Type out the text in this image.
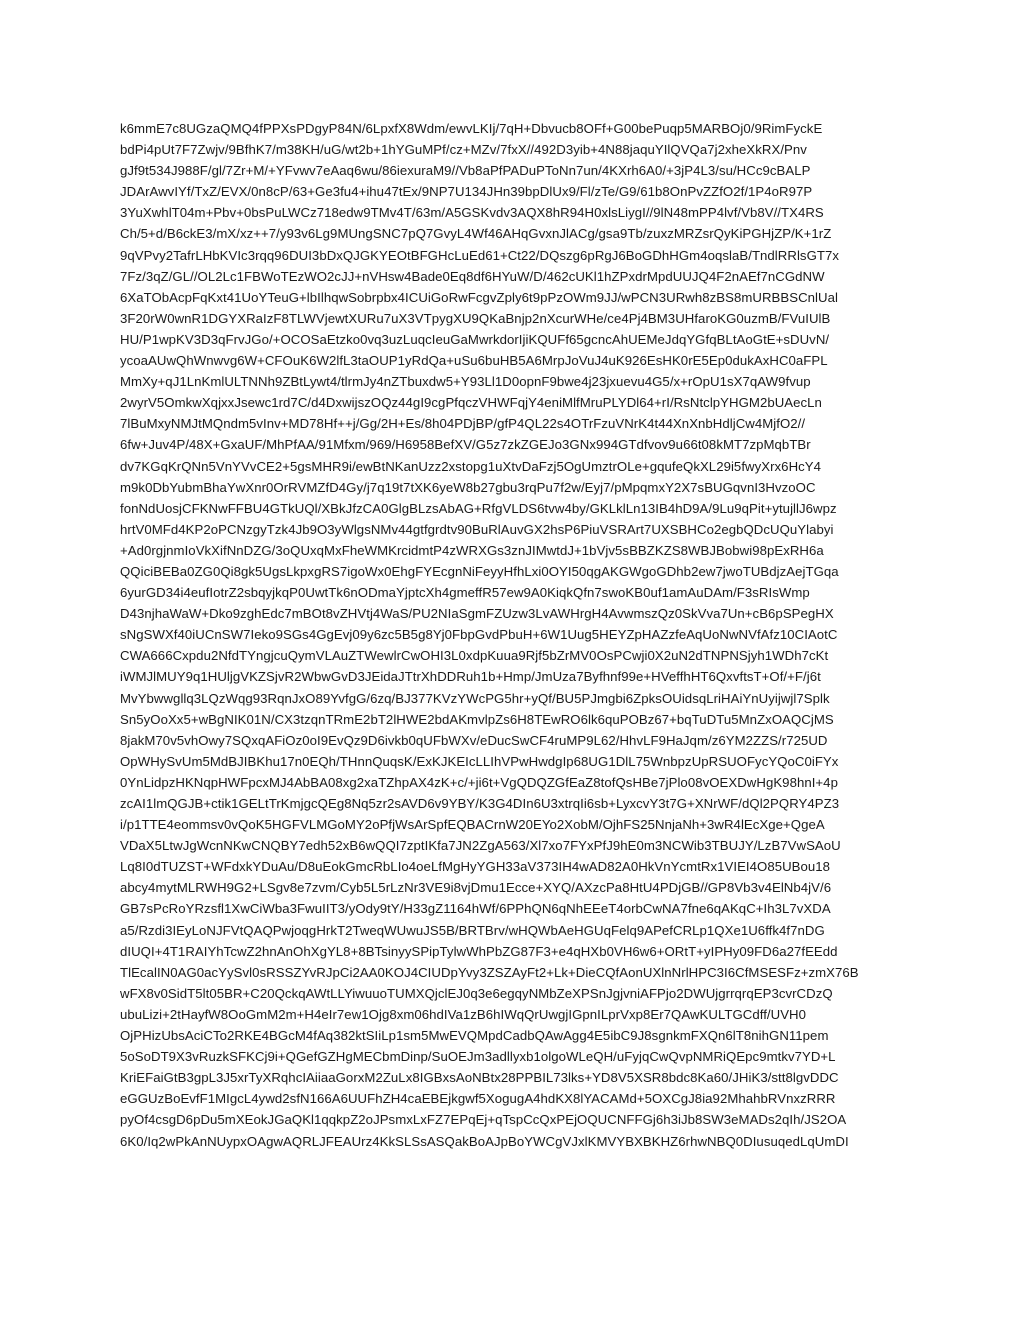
k6mmE7c8UGzaQMQ4fPPXsPDgyP84N/6LpxfX8Wdm/ewvLKIj/7qH+Dbvucb8OFf+G00bePuqp5MARBOj0/9RimFyckE
bdPi4pUt7F7Zwjv/9BfhK7/m38KH/uG/wt2b+1hYGuMPf/cz+MZv/7fxX//492D3yib+4N88jaquYIlQVQa7j2xheXkRX/Pnv
gJf9t534J988F/gl/7Zr+M/+YFvwv7eAaq6wu/86iexuraM9//Vb8aPfPADuPToNn7un/4KXrh6A0/+3jP4L3/su/HCc9cBALP
JDArAwvIYf/TxZ/EVX/0n8cP/63+Ge3fu4+ihu47tEx/9NP7U134JHn39bpDlUx9/Fl/zTe/G9/61b8OnPvZZfO2f/1P4oR97P
3YuXwhlT04m+Pbv+0bsPuLWCz718edw9TMv4T/63m/A5GSKvdv3AQX8hR94H0xlsLiygI//9lN48mPP4lvf/Vb8V//TX4RS
Ch/5+d/B6ckE3/mX/xz++7/y93v6Lg9MUngSNC7pQ7GvyL4Wf46AHqGvxnJlACg/gsa9Tb/zuxzMRZsrQyKiPGHjZP/K+1rZ
9qVPvy2TafrLHbKVIc3rqq96DUI3bDxQJGKYEOtBFGHcLuEd61+Ct22/DQszg6pRgJ6BoGDhHGm4oqslaB/TndlRRlsGT7x
7Fz/3qZ/GL//OL2Lc1FBWoTEzWO2cJJ+nVHsw4Bade0Eq8df6HYuW/D/462cUKl1hZPxdrMpdUUJQ4F2nAEf7nCGdNW
6XaTObAcpFqKxt41UoYTeuG+lbIlhqwSobrpbx4ICUiGoRwFcgvZply6t9pPzOWm9JJ/wPCN3URwh8zBS8mURBBSCnlUal
3F20rW0wnR1DGYXRaIzF8TLWVjewtXURu7uX3VTpygXU9QKaBnjp2nXcurWHe/ce4Pj4BM3UHfaroKG0uzmB/FVuIUlB
HU/P1wpKV3D3qFrvJGo/+OCOSaEtzko0vq3uzLuqcIeuGaMwrkdorIjiKQUFf65gcncAhUEMeJdqYGfqBLtAoGtE+sDUvN/
ycoaAUwQhWnwvg6W+CFOuK6W2lfL3taOUP1yRdQa+uSu6buHB5A6MrpJoVuJ4uK926EsHK0rE5Ep0dukAxHC0aFPL
MmXy+qJ1LnKmlULTNNh9ZBtLywt4/tlrmJy4nZTbuxdw5+Y93Ll1D0opnF9bwe4j23jxuevu4G5/x+rOpU1sX7qAW9fvup
2wyrV5OmkwXqjxxJsewc1rd7C/d4DxwijszOQz44gI9cgPfqczVHWFqjY4eniMlfMruPLYDl64+rI/RsNtclpYHGM2bUAecLn
7lBuMxyNMJtMQndm5vInv+MD78Hf++j/Gg/2H+Es/8h04PDjBP/gfP4QL22s4OTrFzuVNrK4t44XnXnbHdljCw4MjfO2//
6fw+Juv4P/48X+GxaUF/MhPfAA/91Mfxm/969/H6958BefXV/G5z7zkZGEJo3GNx994GTdfvov9u66t08kMT7zpMqbTBr
dv7KGqKrQNn5VnYVvCE2+5gsMHR9i/ewBtNKanUzz2xstopg1uXtvDaFzj5OgUmztrOLe+gqufeQkXL29i5fwyXrx6HcY4
m9k0DbYubmBhaYwXnr0OrRVMZfD4Gy/j7q19t7tXK6yeW8b27gbu3rqPu7f2w/Eyj7/pMpqmxY2X7sBUGqvnI3HvzoOC
fonNdUosjCFKNwFFBU4GTkUQl/XBkJfzCA0GlgBLzsAbAG+RfgVLDS6tvw4by/GKLklLn13IB4hD9A/9Lu9qPit+ytujllJ6wpz
hrtV0MFd4KP2oPCNzgyTzk4Jb9O3yWlgsNMv44gtfgrdtv90BuRlAuvGX2hsP6PiuVSRArt7UXSBHCo2egbQDcUQuYlabyi
+Ad0rgjnmIoVkXifNnDZG/3oQUxqMxFheWMKrcidmtP4zWRXGs3znJIMwtdJ+1bVjv5sBBZKZS8WBJBobwi98pExRH6a
QQiciBEBa0ZG0Qi8gk5UgsLkpxgRS7igoWx0EhgFYEcgnNiFeyyHfhLxi0OYI50qgAKGWgoGDhb2ew7jwoTUBdjzAejTGqa
6yurGD34i4eufIotrZ2sbqyjkqP0UwtTk6nODmaYjptcXh4gmeffR57ew9A0KiqkQfn7swoKB0uf1amAuDAm/F3sRIsWmp
D43njhaWaW+Dko9zghEdc7mBOt8vZHVtj4WaS/PU2NIaSgmFZUzw3LvAWHrgH4AvwmszQz0SkVva7Un+cB6pSPegHX
sNgSWXf40iUCnSW7Ieko9SGs4GgEvj09y6zc5B5g8Yj0FbpGvdPbuH+6W1Uug5HEYZpHAZzfeAqUoNwNVfAfz10CIAotC
CWA666Cxpdu2NfdTYngjcuQymVLAuZTWewlrCwOHI3L0xdpKuua9Rjf5bZrMV0OsPCwji0X2uN2dTNPNSjyh1WDh7cKt
iWMJlMUY9q1HUljgVKZSjvR2WbwGvD3JEidaJTtrXhDDRuh1b+Hmp/JmUza7Byfhnf99e+HVeffhHT6QxvftsT+Of/+F/j6t
MvYbwwgllq3LQzWqg93RqnJxO89YvfgG/6zq/BJ377KVzYWcPG5hr+yQf/BU5PJmgbi6ZpksOUidsqLriHAiYnUyijwjl7Splk
Sn5yOoXx5+wBgNIK01N/CX3tzqnTRmE2bT2lHWE2bdAKmvlpZs6H8TEwRO6lk6quPOBz67+bqTuDTu5MnZxOAQCjMS
8jakM70v5vhOwy7SQxqAFiOz0oI9EvQz9D6ivkb0qUFbWXv/eDucSwCF4ruMP9L62/HhvLF9HaJqm/z6YM2ZZS/r725UD
OpWHySvUm5MdBJIBKhu17n0EQh/THnnQuqsK/ExKJKEIcLLIhVPwHwdgIp68UG1DlL75WnbpzUpRSUOFycYQoC0iFYx
0YnLidpzHKNqpHWFpcxMJ4AbBA08xg2xaTZhpAX4zK+c/+ji6t+VgQDQZGfEaZ8tofQsHBe7jPlo08vOEXDwHgK98hnI+4p
zcAI1lmQGJB+ctik1GELtTrKmjgcQEg8Nq5zr2sAVD6v9YBY/K3G4DIn6U3xtrqIi6sb+LyxcvY3t7G+XNrWF/dQl2PQRY4PZ3
i/p1TTE4eommsv0vQoK5HGFVLMGoMY2oPfjWsArSpfEQBACrnW20EYo2XobM/OjhFS25NnjaNh+3wR4lEcXge+QgeA
VDaX5LtwJgWcnNKwCNQBY7edh52xB6wQQI7zptIKfa7JN2ZgA563/Xl7xo7FYxPfJ9hE0m3NCWib3TBUJY/LzB7VwSAoU
Lq8I0dTUZST+WFdxkYDuAu/D8uEokGmcRbLIo4oeLfMgHyYGH33aV373IH4wAD82A0HkVnYcmtRx1VIEI4O85UBou18
abcy4mytMLRWH9G2+LSgv8e7zvm/Cyb5L5rLzNr3VE9i8vjDmu1Ecce+XYQ/AXzcPa8HtU4PDjGB//GP8Vb3v4ElNb4jV/6
GB7sPcRoYRzsfl1XwCiWba3FwuIIT3/yOdy9tY/H33gZ1164hWf/6PPhQN6qNhEEeT4orbCwNA7fne6qAKqC+Ih3L7vXDA
a5/Rzdi3IEyLoNJFVtQAQPwjoqgHrkT2TweqWUwuJS5B/BRTBrv/wHQWbAeHGUqFelq9APefCRLp1QXe1U6ffk4f7nDG
dIUQI+4T1RAIYhTcwZ2hnAnOhXgYL8+8BTsinyySPipTylwWhPbZG87F3+e4qHXb0VH6w6+ORtT+yIPHy09FD6a27fEEdd
TlEcalIN0AG0acYySvl0sRSSZYvRJpCi2AA0KOJ4CIUDpYvy3ZSZAyFt2+Lk+DieCQfAonUXlnNrlHPC3I6CfMSESFz+zmX76B
wFX8v0SidT5lt05BR+C20QckqAWtLLYiwuuoTUMXQjclEJ0q3e6egqyNMbZeXPSnJgjvniAFPjo2DWUjgrrqrqEP3cvrCDzQ
ubuLizi+2tHayfW8OoGmM2m+H4eIr7ew1Ojg8xm06hdIVa1zB6hIWqQrUwgjIGpnILprVxp8Er7QAwKULTGCdff/UVH0
OjPHizUbsAciCTo2RKE4BGcM4fAq382ktSIiLp1sm5MwEVQMpdCadbQAwAgg4E5ibC9J8sgnkmFXQn6lT8nihGN11pem
5oSoDT9X3vRuzkSFKCj9i+QGefGZHgMECbmDinp/SuOEJm3adllyxb1olgoWLeQH/uFyjqCwQvpNMRiQEpc9mtkv7YD+L
KriEFaiGtB3gpL3J5xrTyXRqhcIAiiaaGorxM2ZuLx8IGBxsAoNBtx28PPBIL73lks+YD8V5XSR8bdc8Ka60/JHiK3/stt8lgvDDC
eGGUzBoEvfF1MIgcL4ywd2sfN166A6UUFhZH4caEBEjkgwf5XogugA4hdKX8lYACAMd+5OXCgJ8ia92MhahbRVnxzRRR
pyOf4csgD6pDu5mXEokJGaQKl1qqkpZ2oJPsmxLxFZ7EPqEj+qTspCcQxPEjOQUCNFFGj6h3iJb8SW3eMADs2qIh/JS2OA
6K0/Iq2wPkAnNUypxOAgwAQRLJFEAUrz4KkSLSsASQakBoAJpBoYWCgVJxlKMVYBXBKHZ6rhwNBQ0DIusuqedLqUmDI
